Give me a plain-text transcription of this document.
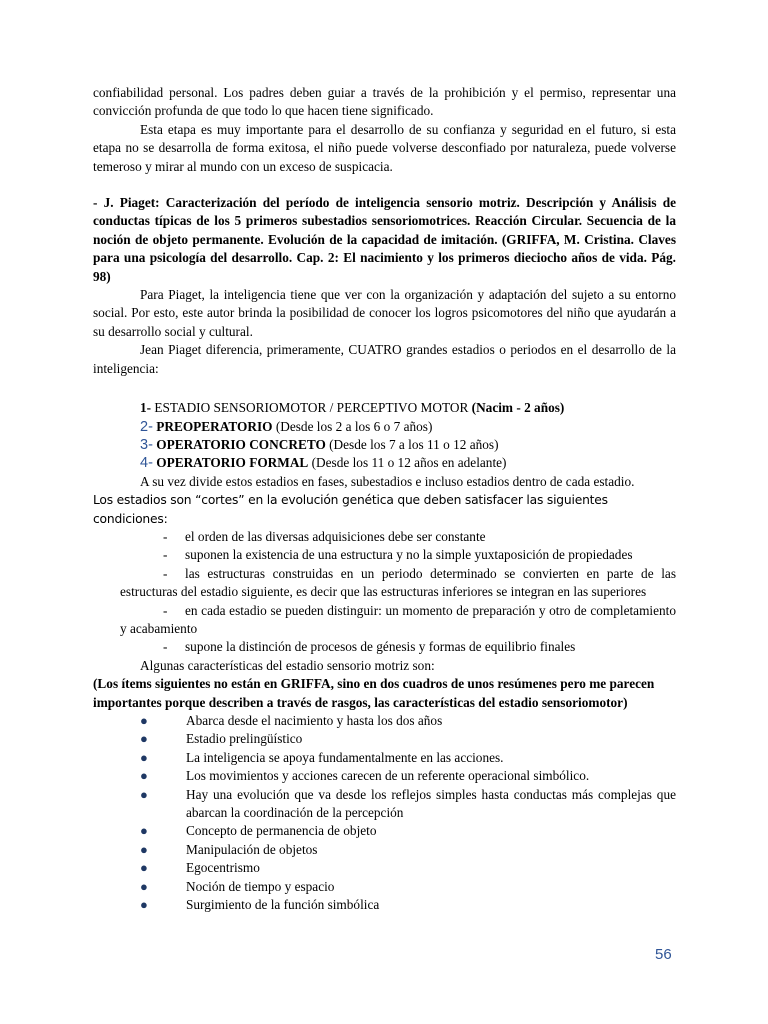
confiabilidad personal. Los padres deben guiar a través de la prohibición y el permiso, representar una convicción profunda de que todo lo que hacen tiene significado.

Esta etapa es muy importante para el desarrollo de su confianza y seguridad en el futuro, si esta etapa no se desarrolla de forma exitosa, el niño puede volverse desconfiado por naturaleza, puede volverse temeroso y mirar al mundo con un exceso de suspicacia.

- J. Piaget: Caracterización del período de inteligencia sensorio motriz. Descripción y Análisis de conductas típicas de los 5 primeros subestadios sensoriomotrices. Reacción Circular. Secuencia de la noción de objeto permanente. Evolución de la capacidad de imitación. (GRIFFA, M. Cristina. Claves para una psicología del desarrollo. Cap. 2: El nacimiento y los primeros dieciocho años de vida. Pág. 98)

Para Piaget, la inteligencia tiene que ver con la organización y adaptación del sujeto a su entorno social. Por esto, este autor brinda la posibilidad de conocer los logros psicomotores del niño que ayudarán a su desarrollo social y cultural.

Jean Piaget diferencia, primeramente, CUATRO grandes estadios o periodos en el desarrollo de la inteligencia:

1- ESTADIO SENSORIOMOTOR / PERCEPTIVO MOTOR (Nacim - 2 años)

2- PREOPERATORIO (Desde los 2 a los 6 o 7 años)

3- OPERATORIO CONCRETO (Desde los 7 a los 11 o 12 años)

4- OPERATORIO FORMAL (Desde los 11 o 12 años en adelante)

A su vez divide estos estadios en fases, subestadios e incluso estadios dentro de cada estadio.

Los estadios son “cortes” en la evolución genética que deben satisfacer las siguientes condiciones:

- el orden de las diversas adquisiciones debe ser constante
- suponen la existencia de una estructura y no la simple yuxtaposición de propiedades
- las estructuras construidas en un periodo determinado se convierten en parte de las estructuras del estadio siguiente, es decir que las estructuras inferiores se integran en las superiores
- en cada estadio se pueden distinguir: un momento de preparación y otro de completamiento y acabamiento
- supone la distinción de procesos de génesis y formas de equilibrio finales

Algunas características del estadio sensorio motriz son:

(Los ítems siguientes no están en GRIFFA, sino en dos cuadros de unos resúmenes pero me parecen importantes porque describen a través de rasgos, las características del estadio sensoriomotor)

●	Abarca desde el nacimiento y hasta los dos años
●	Estadio prelingüístico
●	La inteligencia se apoya fundamentalmente en las acciones.
●	Los movimientos y acciones carecen de un referente operacional simbólico.
●	Hay una evolución que va desde los reflejos simples hasta conductas más complejas que abarcan la coordinación de la percepción
●	Concepto de permanencia de objeto
●	Manipulación de objetos
●	Egocentrismo
●	Noción de tiempo y espacio
●	Surgimiento de la función simbólica
56
